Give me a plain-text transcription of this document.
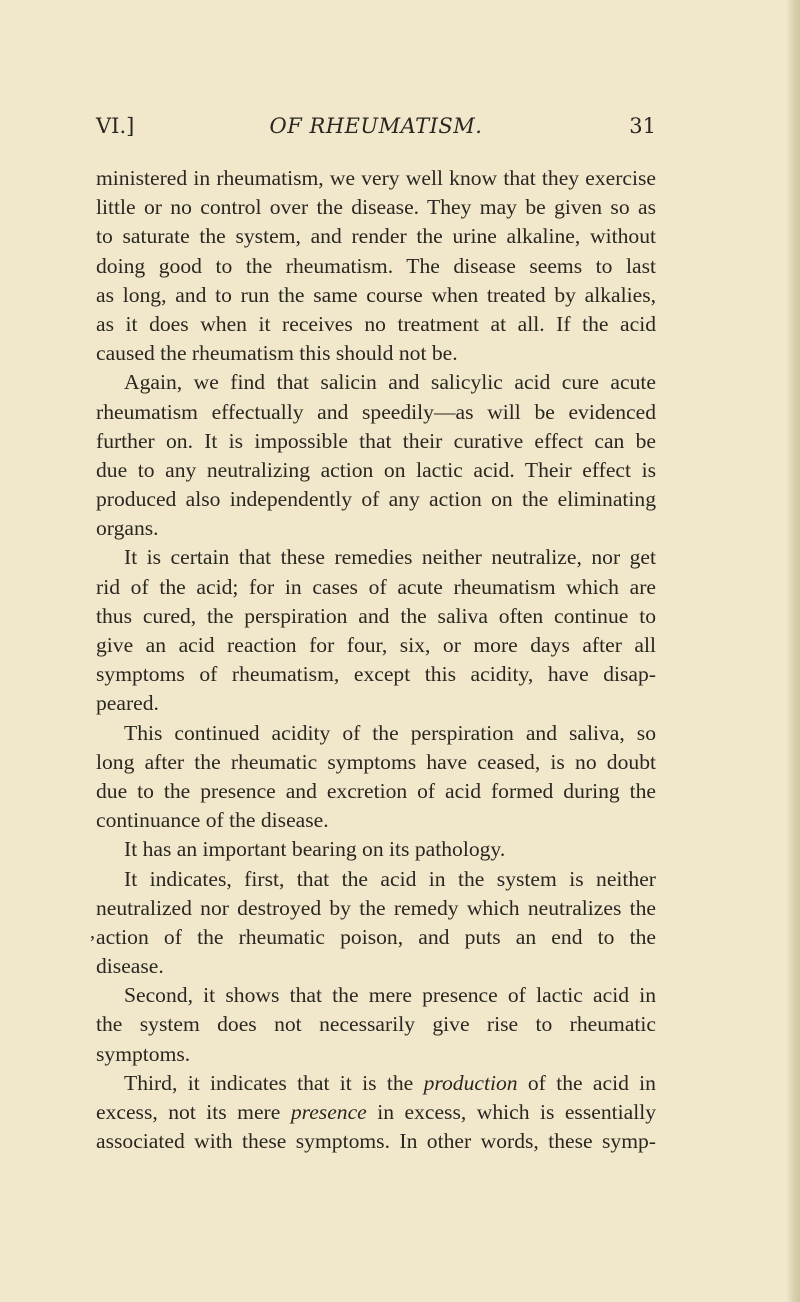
VI.]	OF RHEUMATISM.	31
,
ministered in rheumatism, we very well know that they exercise
little or no control over the disease. They may be given so as
to saturate the system, and render the urine alkaline, without
doing good to the rheumatism. The disease seems to last
as long, and to run the same course when treated by alkalies,
as it does when it receives no treatment at all. If the acid
caused the rheumatism this should not be.
Again, we find that salicin and salicylic acid cure acute
rheumatism effectually and speedily—as will be evidenced
further on. It is impossible that their curative effect can be
due to any neutralizing action on lactic acid. Their effect is
produced also independently of any action on the eliminating
organs.
It is certain that these remedies neither neutralize, nor get
rid of the acid; for in cases of acute rheumatism which are
thus cured, the perspiration and the saliva often continue to
give an acid reaction for four, six, or more days after all
symptoms of rheumatism, except this acidity, have disap-
peared.
This continued acidity of the perspiration and saliva, so
long after the rheumatic symptoms have ceased, is no doubt
due to the presence and excretion of acid formed during the
continuance of the disease.
It has an important bearing on its pathology.
It indicates, first, that the acid in the system is neither
neutralized nor destroyed by the remedy which neutralizes the
action of the rheumatic poison, and puts an end to the
disease.
Second, it shows that the mere presence of lactic acid in
the system does not necessarily give rise to rheumatic
symptoms.
Third, it indicates that it is the production of the acid in
excess, not its mere presence in excess, which is essentially
associated with these symptoms. In other words, these symp-
